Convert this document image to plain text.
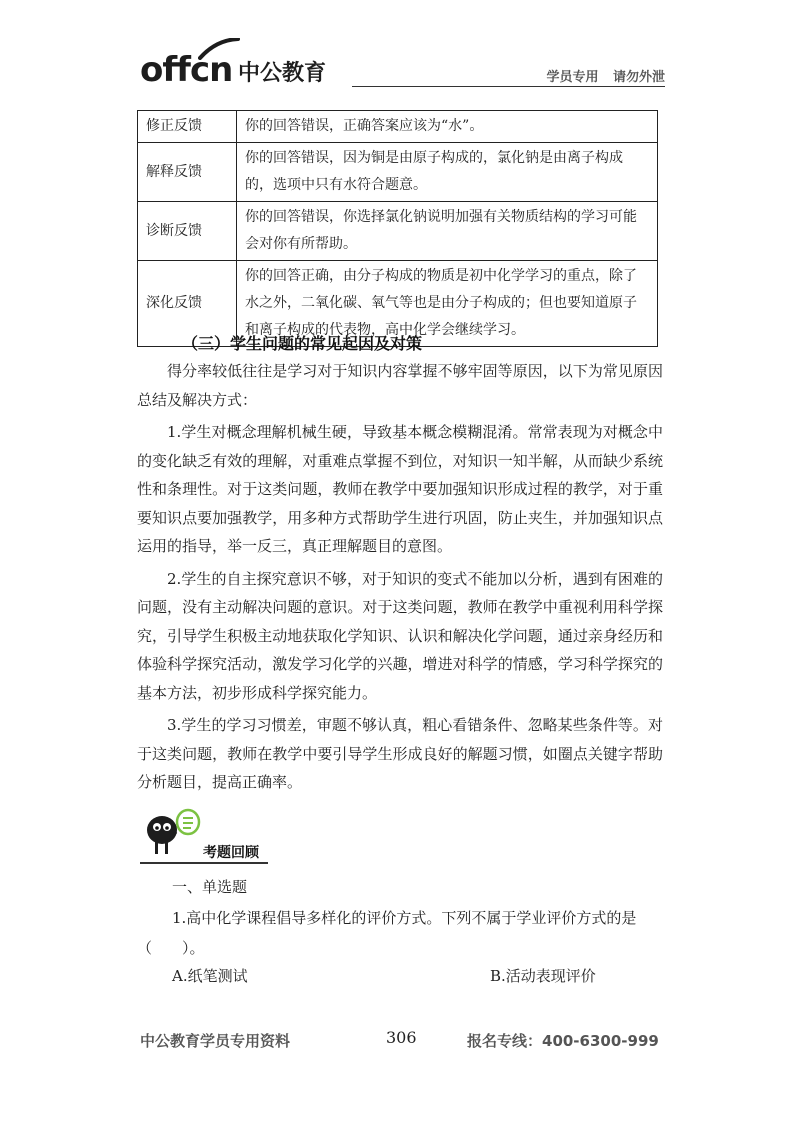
offcn 中公教育	学员专用 请勿外泄
修正反馈	你的回答错误，正确答案应该为“水”。
解释反馈	你的回答错误，因为铜是由原子构成的，氯化钠是由离子构成的，选项中只有水符合题意。
诊断反馈	你的回答错误，你选择氯化钠说明加强有关物质结构的学习可能会对你有所帮助。
深化反馈	你的回答正确，由分子构成的物质是初中化学学习的重点，除了水之外，二氧化碳、氧气等也是由分子构成的；但也要知道原子和离子构成的代表物，高中化学会继续学习。
（三）学生问题的常见起因及对策

得分率较低往往是学习对于知识内容掌握不够牢固等原因，以下为常见原因总结及解决方式：

1.学生对概念理解机械生硬，导致基本概念模糊混淆。常常表现为对概念中的变化缺乏有效的理解，对重难点掌握不到位，对知识一知半解，从而缺少系统性和条理性。对于这类问题，教师在教学中要加强知识形成过程的教学，对于重要知识点要加强教学，用多种方式帮助学生进行巩固，防止夹生，并加强知识点运用的指导，举一反三，真正理解题目的意图。

2.学生的自主探究意识不够，对于知识的变式不能加以分析，遇到有困难的问题，没有主动解决问题的意识。对于这类问题，教师在教学中重视利用科学探究，引导学生积极主动地获取化学知识、认识和解决化学问题，通过亲身经历和体验科学探究活动，激发学习化学的兴趣，增进对科学的情感，学习科学探究的基本方法，初步形成科学探究能力。

3.学生的学习习惯差，审题不够认真，粗心看错条件、忽略某些条件等。对于这类问题，教师在教学中要引导学生形成良好的解题习惯，如圈点关键字帮助分析题目，提高正确率。

考题回顾
一、单选题
1.高中化学课程倡导多样化的评价方式。下列不属于学业评价方式的是（　　）。
A.纸笔测试	B.活动表现评价
中公教育学员专用资料	306	报名专线：400-6300-999
